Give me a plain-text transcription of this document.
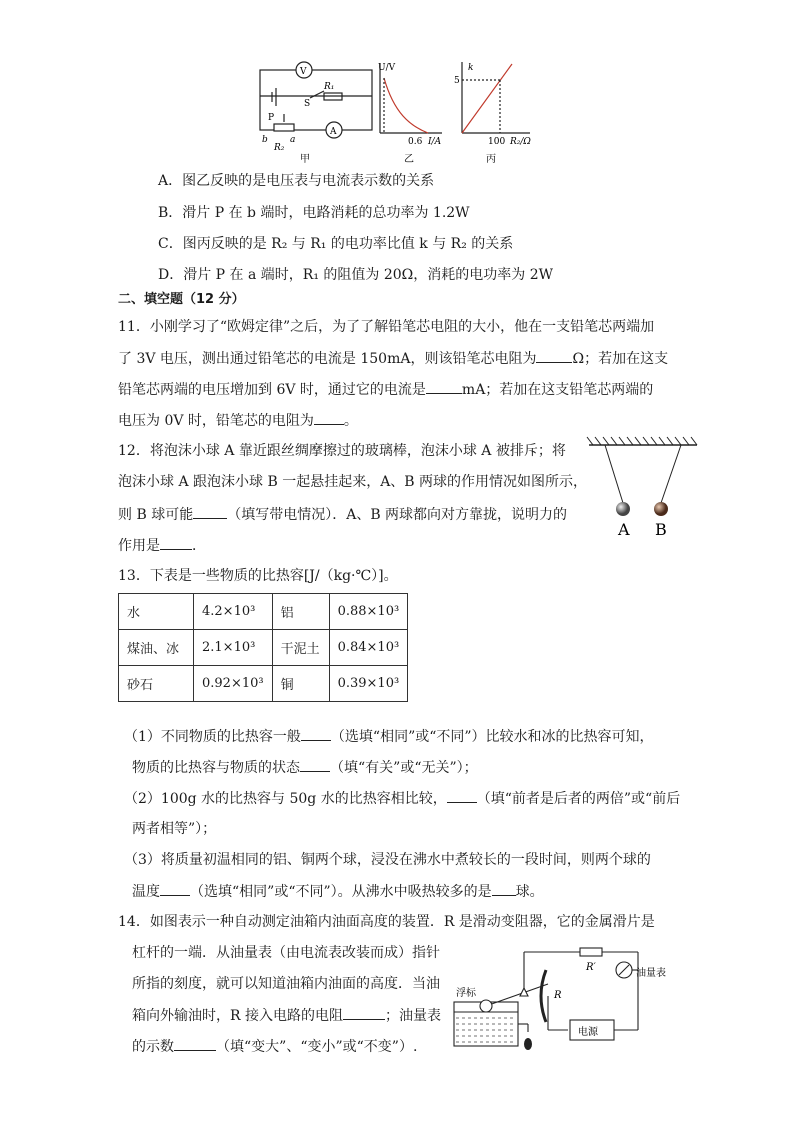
V
A
R₁
S
P
b a
R₂
甲
U/V
0.6 I/A
乙
k
5
100 R₂/Ω
丙
A．图乙反映的是电压表与电流表示数的关系
B．滑片 P 在 b 端时，电路消耗的总功率为 1.2W
C．图丙反映的是 R₂ 与 R₁ 的电功率比值 k 与 R₂ 的关系
D．滑片 P 在 a 端时，R₁ 的阻值为 20Ω，消耗的电功率为 2W
二、填空题（12 分）
11．小刚学习了“欧姆定律”之后，为了了解铅笔芯电阻的大小，他在一支铅笔芯两端加
了 3V 电压，测出通过铅笔芯的电流是 150mA，则该铅笔芯电阻为	Ω；若加在这支
铅笔芯两端的电压增加到 6V 时，通过它的电流是	mA；若加在这支铅笔芯两端的
电压为 0V 时，铅笔芯的电阻为 。
12．将泡沫小球 A 靠近跟丝绸摩擦过的玻璃棒，泡沫小球 A 被排斥；将
泡沫小球 A 跟泡沫小球 B 一起悬挂起来，A、B 两球的作用情况如图所示，
则 B 球可能 （填写带电情况）．A、B 两球都向对方靠拢，说明力的
作用是 ．
A B
13．下表是一些物质的比热容[J/（kg·℃）]。
水	4.2×10³	铝	0.88×10³
煤油、冰	2.1×10³	干泥土	0.84×10³
砂石	0.92×10³	铜	0.39×10³
（1）不同物质的比热容一般 （选填“相同”或“不同”）比较水和冰的比热容可知，
物质的比热容与物质的状态 （填“有关”或“无关”）；
（2）100g 水的比热容与 50g 水的比热容相比较， （填“前者是后者的两倍”或“前后
两者相等”）；
（3）将质量初温相同的铝、铜两个球，浸没在沸水中煮较长的一段时间，则两个球的
温度 （选填“相同”或“不同”）。从沸水中吸热较多的是 球。
14．如图表示一种自动测定油箱内油面高度的装置．R 是滑动变阻器，它的金属滑片是
杠杆的一端．从油量表（由电流表改装而成）指针
所指的刻度，就可以知道油箱内油面的高度．当油
箱向外输油时，R 接入电路的电阻	；油量表
的示数	（填“变大”、“变小”或“不变”）.
浮标	R
R′
油量表
电源
